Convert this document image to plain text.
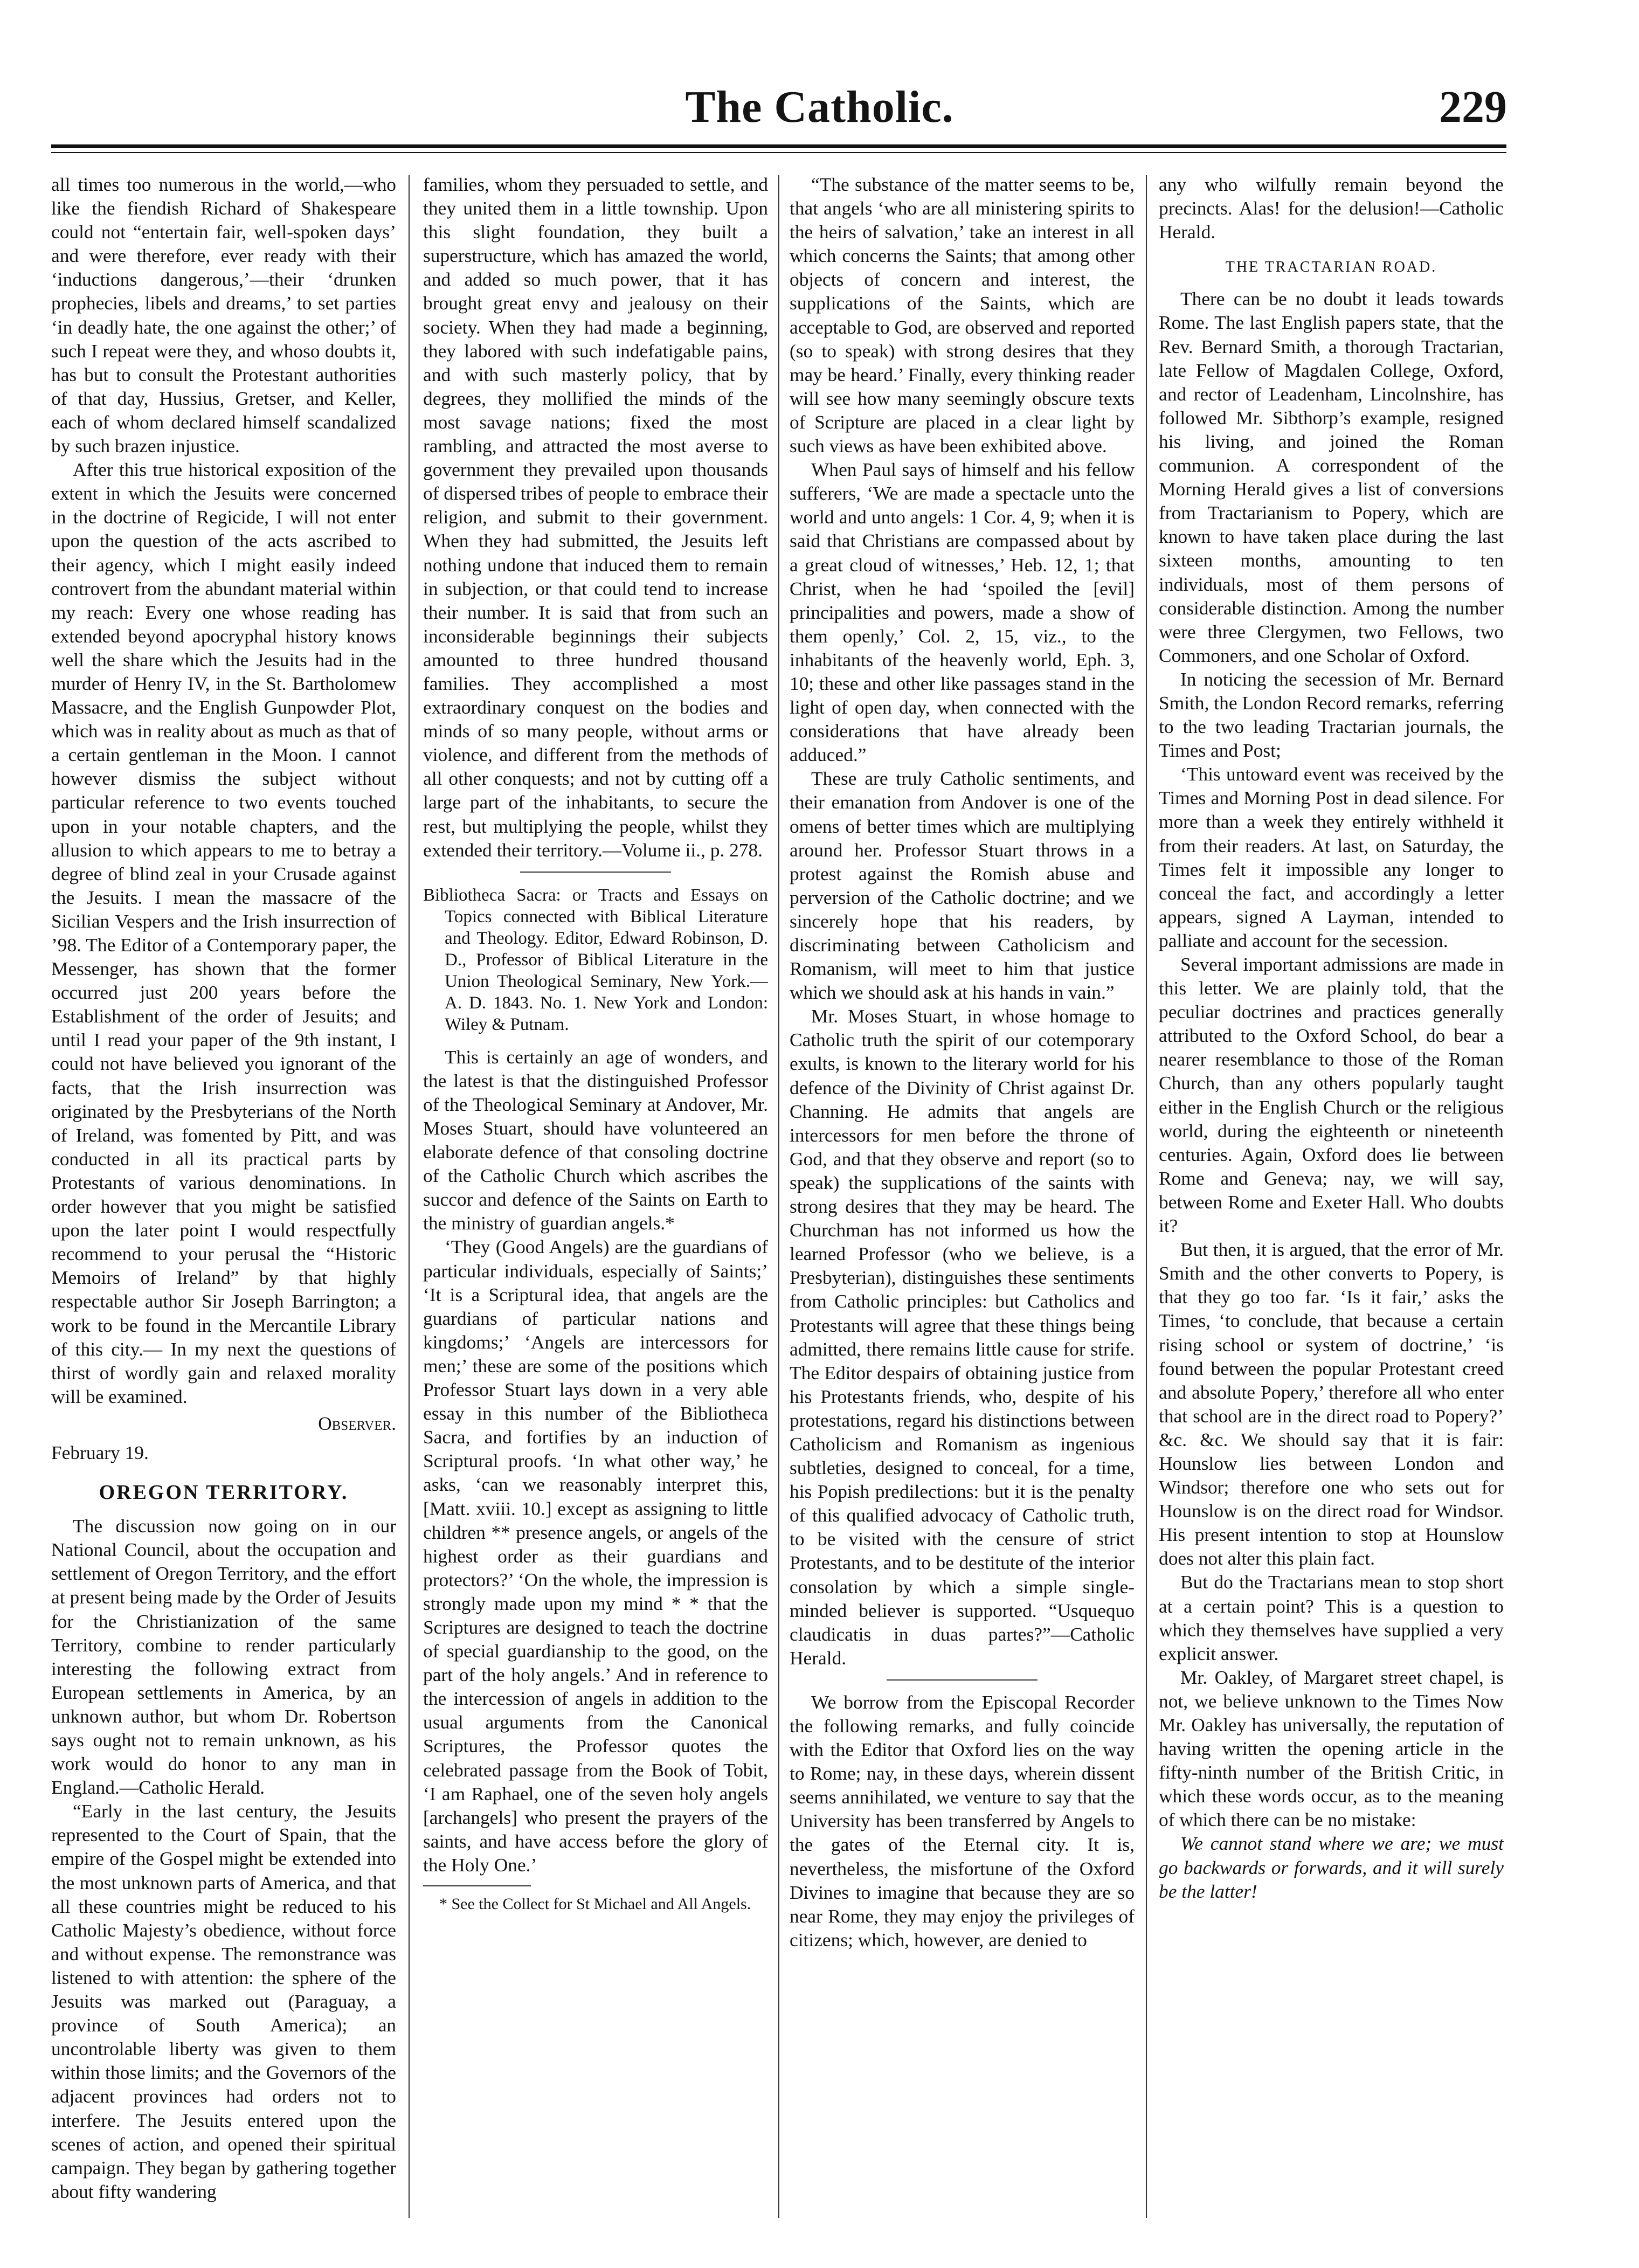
The Catholic.	229

all times too numerous in the world,—who like the fiendish Richard of Shakespeare could not “entertain fair, well-spoken days’ and were therefore, ever ready with their ‘inductions dangerous,’—their ‘drunken prophecies, libels and dreams,’ to set parties ‘in deadly hate, the one against the other;’ of such I repeat were they, and whoso doubts it, has but to consult the Protestant authorities of that day, Hussius, Gretser, and Keller, each of whom declared himself scandalized by such brazen injustice.

After this true historical exposition of the extent in which the Jesuits were concerned in the doctrine of Regicide, I will not enter upon the question of the acts ascribed to their agency, which I might easily indeed controvert from the abundant material within my reach: Every one whose reading has extended beyond apocryphal history knows well the share which the Jesuits had in the murder of Henry IV, in the St. Bartholomew Massacre, and the English Gunpowder Plot, which was in reality about as much as that of a certain gentleman in the Moon. I cannot however dismiss the subject without particular reference to two events touched upon in your notable chapters, and the allusion to which appears to me to betray a degree of blind zeal in your Crusade against the Jesuits. I mean the massacre of the Sicilian Vespers and the Irish insurrection of ’98. The Editor of a Contemporary paper, the Messenger, has shown that the former occurred just 200 years before the Establishment of the order of Jesuits; and until I read your paper of the 9th instant, I could not have believed you ignorant of the facts, that the Irish insurrection was originated by the Presbyterians of the North of Ireland, was fomented by Pitt, and was conducted in all its practical parts by Protestants of various denominations. In order however that you might be satisfied upon the later point I would respectfully recommend to your perusal the “Historic Memoirs of Ireland” by that highly respectable author Sir Joseph Barrington; a work to be found in the Mercantile Library of this city.— In my next the questions of thirst of wordly gain and relaxed morality will be examined.

Observer.

February 19.

OREGON TERRITORY.

The discussion now going on in our National Council, about the occupation and settlement of Oregon Territory, and the effort at present being made by the Order of Jesuits for the Christianization of the same Territory, combine to render particularly interesting the following extract from European settlements in America, by an unknown author, but whom Dr. Robertson says ought not to remain unknown, as his work would do honor to any man in England.—Catholic Herald.

“Early in the last century, the Jesuits represented to the Court of Spain, that the empire of the Gospel might be extended into the most unknown parts of America, and that all these countries might be reduced to his Catholic Majesty’s obedience, without force and without expense. The remonstrance was listened to with attention: the sphere of the Jesuits was marked out (Paraguay, a province of South America); an uncontrolable liberty was given to them within those limits; and the Governors of the adjacent provinces had orders not to interfere. The Jesuits entered upon the scenes of action, and opened their spiritual campaign. They began by gathering together about fifty wandering

families, whom they persuaded to settle, and they united them in a little township. Upon this slight foundation, they built a superstructure, which has amazed the world, and added so much power, that it has brought great envy and jealousy on their society. When they had made a beginning, they labored with such indefatigable pains, and with such masterly policy, that by degrees, they mollified the minds of the most savage nations; fixed the most rambling, and attracted the most averse to government they prevailed upon thousands of dispersed tribes of people to embrace their religion, and submit to their government. When they had submitted, the Jesuits left nothing undone that induced them to remain in subjection, or that could tend to increase their number. It is said that from such an inconsiderable beginnings their subjects amounted to three hundred thousand families. They accomplished a most extraordinary conquest on the bodies and minds of so many people, without arms or violence, and different from the methods of all other conquests; and not by cutting off a large part of the inhabitants, to secure the rest, but multiplying the people, whilst they extended their territory.—Volume ii., p. 278.

Bibliotheca Sacra: or Tracts and Essays on Topics connected with Biblical Literature and Theology. Editor, Edward Robinson, D. D., Professor of Biblical Literature in the Union Theological Seminary, New York.— A. D. 1843. No. 1. New York and London: Wiley & Putnam.

This is certainly an age of wonders, and the latest is that the distinguished Professor of the Theological Seminary at Andover, Mr. Moses Stuart, should have volunteered an elaborate defence of that consoling doctrine of the Catholic Church which ascribes the succor and defence of the Saints on Earth to the ministry of guardian angels.*

‘They (Good Angels) are the guardians of particular individuals, especially of Saints;’ ‘It is a Scriptural idea, that angels are the guardians of particular nations and kingdoms;’ ‘Angels are intercessors for men;’ these are some of the positions which Professor Stuart lays down in a very able essay in this number of the Bibliotheca Sacra, and fortifies by an induction of Scriptural proofs. ‘In what other way,’ he asks, ‘can we reasonably interpret this, [Matt. xviii. 10.] except as assigning to little children ** presence angels, or angels of the highest order as their guardians and protectors?’ ‘On the whole, the impression is strongly made upon my mind * * that the Scriptures are designed to teach the doctrine of special guardianship to the good, on the part of the holy angels.’ And in reference to the intercession of angels in addition to the usual arguments from the Canonical Scriptures, the Professor quotes the celebrated passage from the Book of Tobit, ‘I am Raphael, one of the seven holy angels [archangels] who present the prayers of the saints, and have access before the glory of the Holy One.’

* See the Collect for St Michael and All Angels.

“The substance of the matter seems to be, that angels ‘who are all ministering spirits to the heirs of salvation,’ take an interest in all which concerns the Saints; that among other objects of concern and interest, the supplications of the Saints, which are acceptable to God, are observed and reported (so to speak) with strong desires that they may be heard.’ Finally, every thinking reader will see how many seemingly obscure texts of Scripture are placed in a clear light by such views as have been exhibited above.

When Paul says of himself and his fellow sufferers, ‘We are made a spectacle unto the world and unto angels: 1 Cor. 4, 9; when it is said that Christians are compassed about by a great cloud of witnesses,’ Heb. 12, 1; that Christ, when he had ‘spoiled the [evil] principalities and powers, made a show of them openly,’ Col. 2, 15, viz., to the inhabitants of the heavenly world, Eph. 3, 10; these and other like passages stand in the light of open day, when connected with the considerations that have already been adduced.”

These are truly Catholic sentiments, and their emanation from Andover is one of the omens of better times which are multiplying around her. Professor Stuart throws in a protest against the Romish abuse and perversion of the Catholic doctrine; and we sincerely hope that his readers, by discriminating between Catholicism and Romanism, will meet to him that justice which we should ask at his hands in vain.”

Mr. Moses Stuart, in whose homage to Catholic truth the spirit of our cotemporary exults, is known to the literary world for his defence of the Divinity of Christ against Dr. Channing. He admits that angels are intercessors for men before the throne of God, and that they observe and report (so to speak) the supplications of the saints with strong desires that they may be heard. The Churchman has not informed us how the learned Professor (who we believe, is a Presbyterian), distinguishes these sentiments from Catholic principles: but Catholics and Protestants will agree that these things being admitted, there remains little cause for strife. The Editor despairs of obtaining justice from his Protestants friends, who, despite of his protestations, regard his distinctions between Catholicism and Romanism as ingenious subtleties, designed to conceal, for a time, his Popish predilections: but it is the penalty of this qualified advocacy of Catholic truth, to be visited with the censure of strict Protestants, and to be destitute of the interior consolation by which a simple single-minded believer is supported. “Usquequo claudicatis in duas partes?”—Catholic Herald.

We borrow from the Episcopal Recorder the following remarks, and fully coincide with the Editor that Oxford lies on the way to Rome; nay, in these days, wherein dissent seems annihilated, we venture to say that the University has been transferred by Angels to the gates of the Eternal city. It is, nevertheless, the misfortune of the Oxford Divines to imagine that because they are so near Rome, they may enjoy the privileges of citizens; which, however, are denied to

any who wilfully remain beyond the precincts. Alas! for the delusion!—Catholic Herald.

THE TRACTARIAN ROAD.

There can be no doubt it leads towards Rome. The last English papers state, that the Rev. Bernard Smith, a thorough Tractarian, late Fellow of Magdalen College, Oxford, and rector of Leadenham, Lincolnshire, has followed Mr. Sibthorp’s example, resigned his living, and joined the Roman communion. A correspondent of the Morning Herald gives a list of conversions from Tractarianism to Popery, which are known to have taken place during the last sixteen months, amounting to ten individuals, most of them persons of considerable distinction. Among the number were three Clergymen, two Fellows, two Commoners, and one Scholar of Oxford.

In noticing the secession of Mr. Bernard Smith, the London Record remarks, referring to the two leading Tractarian journals, the Times and Post;

‘This untoward event was received by the Times and Morning Post in dead silence. For more than a week they entirely withheld it from their readers. At last, on Saturday, the Times felt it impossible any longer to conceal the fact, and accordingly a letter appears, signed A Layman, intended to palliate and account for the secession.

Several important admissions are made in this letter. We are plainly told, that the peculiar doctrines and practices generally attributed to the Oxford School, do bear a nearer resemblance to those of the Roman Church, than any others popularly taught either in the English Church or the religious world, during the eighteenth or nineteenth centuries. Again, Oxford does lie between Rome and Geneva; nay, we will say, between Rome and Exeter Hall. Who doubts it?

But then, it is argued, that the error of Mr. Smith and the other converts to Popery, is that they go too far. ‘Is it fair,’ asks the Times, ‘to conclude, that because a certain rising school or system of doctrine,’ ‘is found between the popular Protestant creed and absolute Popery,’ therefore all who enter that school are in the direct road to Popery?’ &c. &c. We should say that it is fair: Hounslow lies between London and Windsor; therefore one who sets out for Hounslow is on the direct road for Windsor. His present intention to stop at Hounslow does not alter this plain fact.

But do the Tractarians mean to stop short at a certain point? This is a question to which they themselves have supplied a very explicit answer.

Mr. Oakley, of Margaret street chapel, is not, we believe unknown to the Times Now Mr. Oakley has universally, the reputation of having written the opening article in the fifty-ninth number of the British Critic, in which these words occur, as to the meaning of which there can be no mistake:

We cannot stand where we are; we must go backwards or forwards, and it will surely be the latter!
